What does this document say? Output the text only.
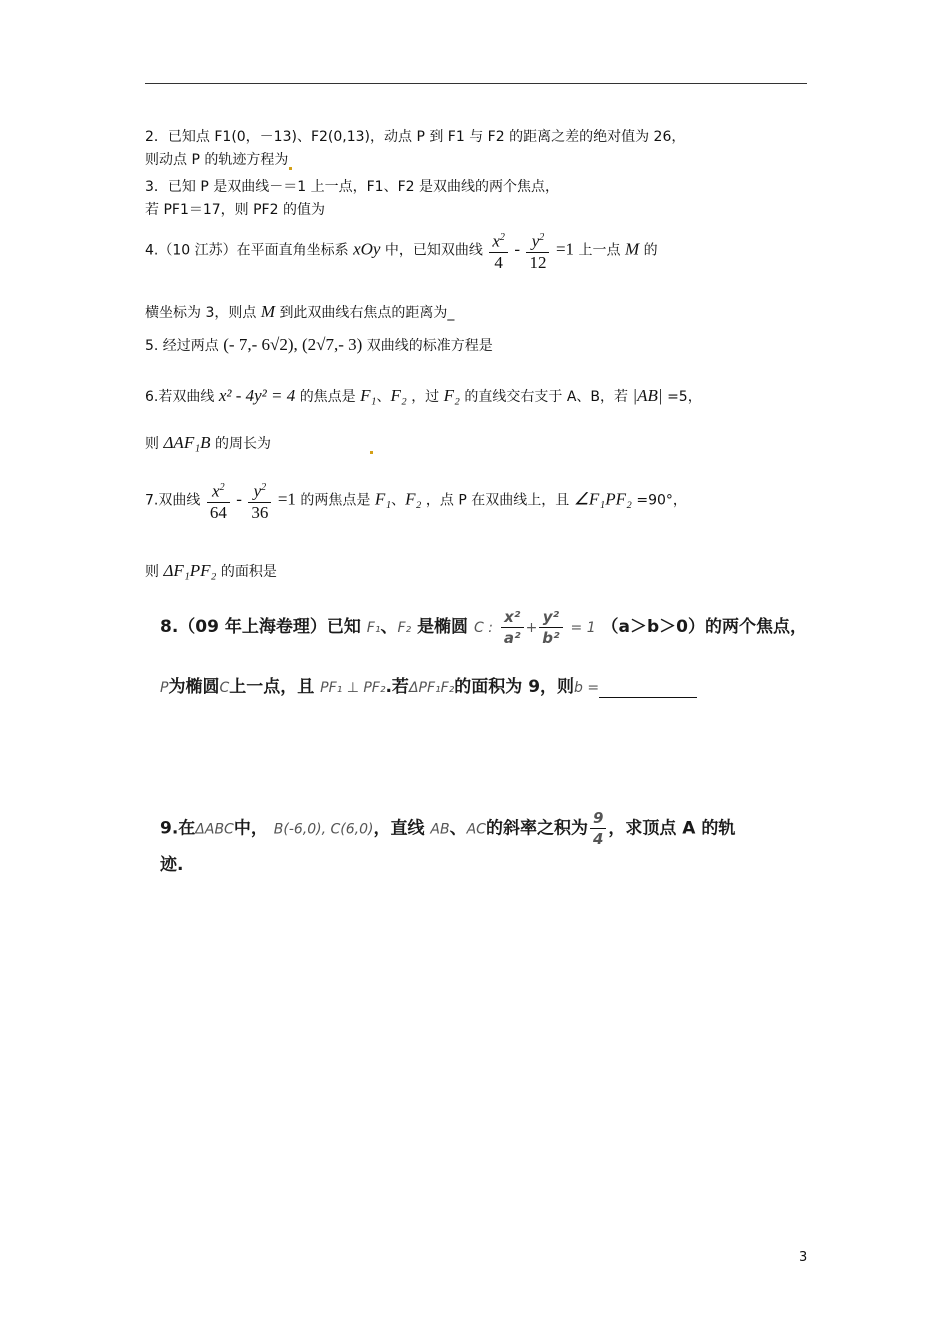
2．已知点 F1(0，－13)、F2(0,13)，动点 P 到 F1 与 F2 的距离之差的绝对值为 26，
则动点 P 的轨迹方程为
3．已知 P 是双曲线－＝1 上一点，F1、F2 是双曲线的两个焦点，
若 PF1＝17，则 PF2 的值为
4.（10 江苏）在平面直角坐标系 xOy 中，已知双曲线 $\frac{x^2}{4} - \frac{y^2}{12} =1$ 上一点 M 的
横坐标为 3，则点 M 到此双曲线右焦点的距离为_
5. 经过两点 (- 7,- 6√2), (2√7,- 3) 双曲线的标准方程是
6.若双曲线 x² - 4y² = 4 的焦点是 F₁、F₂ ，过 F₂ 的直线交右支于 A、B，若 |AB| =5，
则 ΔAF₁B 的周长为
7.双曲线 $\frac{x^2}{64} - \frac{y^2}{36} =1$ 的两焦点是 F₁、F₂ ，点 P 在双曲线上，且 ∠F₁PF₂ =90°，
则 ΔF₁PF₂ 的面积是
8.（09 年上海卷理）已知 F₁、F₂ 是椭圆 C : $\frac{\text{x²}}{\text{a²}} + \frac{\text{y²}}{\text{b²}} = 1$ （a＞b＞0）的两个焦点，
P为椭圆C上一点，且 PF₁ ⊥ PF₂.若ΔPF₁F₂的面积为 9，则b =
9.在ΔABC中， B(-6,0), C(6,0)，直线 AB、AC的斜率之积为 $\frac{9}{4}$ ，求顶点 A 的轨
迹.
3
